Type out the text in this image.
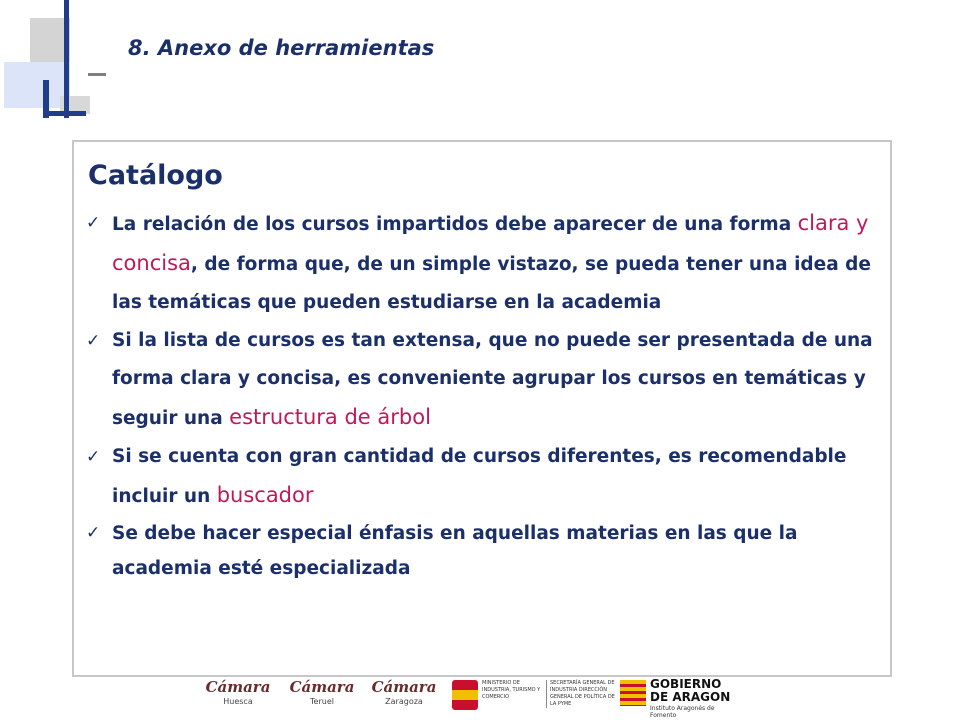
8. Anexo de herramientas
Catálogo
✓ La relación de los cursos impartidos debe aparecer de una forma clara y concisa, de forma que, de un simple vistazo, se pueda tener una idea de las temáticas que pueden estudiarse en la academia
✓ Si la lista de cursos es tan extensa, que no puede ser presentada de una forma clara y concisa, es conveniente agrupar los cursos en temáticas y seguir una estructura de árbol
✓ Si se cuenta con gran cantidad de cursos diferentes, es recomendable incluir un buscador
✓ Se debe hacer especial énfasis en aquellas materias en las que la academia esté especializada
Cámara
Huesca
Cámara
Teruel
Cámara
Zaragoza
MINISTERIO DE INDUSTRIA, TURISMO Y COMERCIO
SECRETARÍA GENERAL DE INDUSTRIA DIRECCIÓN GENERAL DE POLÍTICA DE LA PYME
GOBIERNO DE ARAGON
Instituto Aragonés de Fomento
